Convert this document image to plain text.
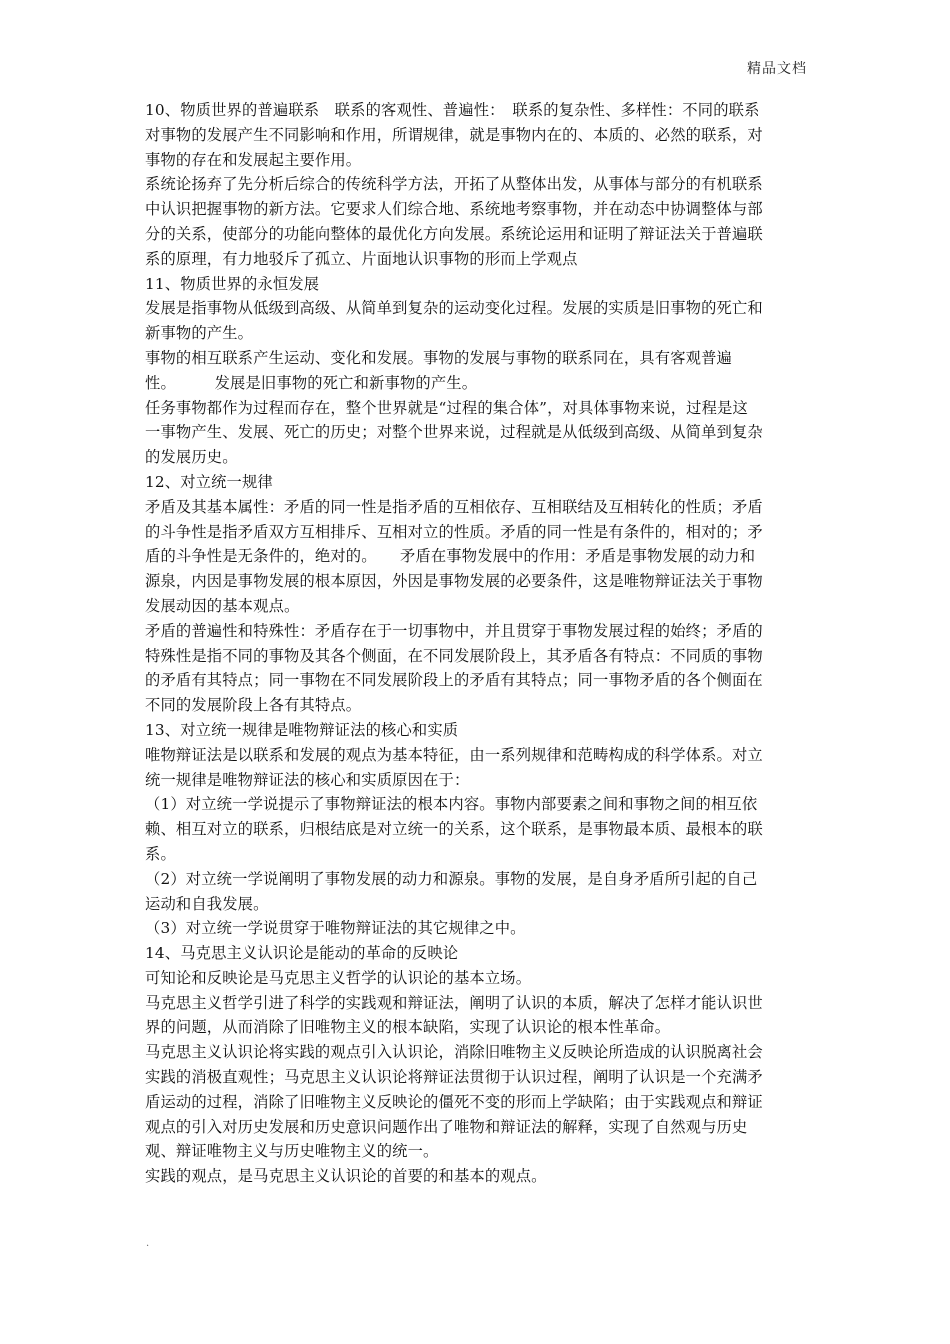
精品文档
10、物质世界的普遍联系　联系的客观性、普遍性：　联系的复杂性、多样性：不同的联系
对事物的发展产生不同影响和作用，所谓规律，就是事物内在的、本质的、必然的联系，对
事物的存在和发展起主要作用。
系统论扬弃了先分析后综合的传统科学方法，开拓了从整体出发，从事体与部分的有机联系
中认识把握事物的新方法。它要求人们综合地、系统地考察事物，并在动态中协调整体与部
分的关系，使部分的功能向整体的最优化方向发展。系统论运用和证明了辩证法关于普遍联
系的原理，有力地驳斥了孤立、片面地认识事物的形而上学观点
11、物质世界的永恒发展
发展是指事物从低级到高级、从简单到复杂的运动变化过程。发展的实质是旧事物的死亡和
新事物的产生。
事物的相互联系产生运动、变化和发展。事物的发展与事物的联系同在，具有客观普遍
性。　　　发展是旧事物的死亡和新事物的产生。
任务事物都作为过程而存在，整个世界就是“过程的集合体”，对具体事物来说，过程是这
一事物产生、发展、死亡的历史；对整个世界来说，过程就是从低级到高级、从简单到复杂
的发展历史。
12、对立统一规律
矛盾及其基本属性：矛盾的同一性是指矛盾的互相依存、互相联结及互相转化的性质；矛盾
的斗争性是指矛盾双方互相排斥、互相对立的性质。矛盾的同一性是有条件的，相对的；矛
盾的斗争性是无条件的，绝对的。　　矛盾在事物发展中的作用：矛盾是事物发展的动力和
源泉，内因是事物发展的根本原因，外因是事物发展的必要条件，这是唯物辩证法关于事物
发展动因的基本观点。
矛盾的普遍性和特殊性：矛盾存在于一切事物中，并且贯穿于事物发展过程的始终；矛盾的
特殊性是指不同的事物及其各个侧面，在不同发展阶段上，其矛盾各有特点：不同质的事物
的矛盾有其特点；同一事物在不同发展阶段上的矛盾有其特点；同一事物矛盾的各个侧面在
不同的发展阶段上各有其特点。
13、对立统一规律是唯物辩证法的核心和实质
唯物辩证法是以联系和发展的观点为基本特征，由一系列规律和范畴构成的科学体系。对立
统一规律是唯物辩证法的核心和实质原因在于：
（1）对立统一学说提示了事物辩证法的根本内容。事物内部要素之间和事物之间的相互依
赖、相互对立的联系，归根结底是对立统一的关系，这个联系，是事物最本质、最根本的联
系。
（2）对立统一学说阐明了事物发展的动力和源泉。事物的发展，是自身矛盾所引起的自己
运动和自我发展。
（3）对立统一学说贯穿于唯物辩证法的其它规律之中。
14、马克思主义认识论是能动的革命的反映论
可知论和反映论是马克思主义哲学的认识论的基本立场。
马克思主义哲学引进了科学的实践观和辩证法，阐明了认识的本质，解决了怎样才能认识世
界的问题，从而消除了旧唯物主义的根本缺陷，实现了认识论的根本性革命。
马克思主义认识论将实践的观点引入认识论，消除旧唯物主义反映论所造成的认识脱离社会
实践的消极直观性；马克思主义认识论将辩证法贯彻于认识过程，阐明了认识是一个充满矛
盾运动的过程，消除了旧唯物主义反映论的僵死不变的形而上学缺陷；由于实践观点和辩证
观点的引入对历史发展和历史意识问题作出了唯物和辩证法的解释，实现了自然观与历史
观、辩证唯物主义与历史唯物主义的统一。
实践的观点，是马克思主义认识论的首要的和基本的观点。
.
